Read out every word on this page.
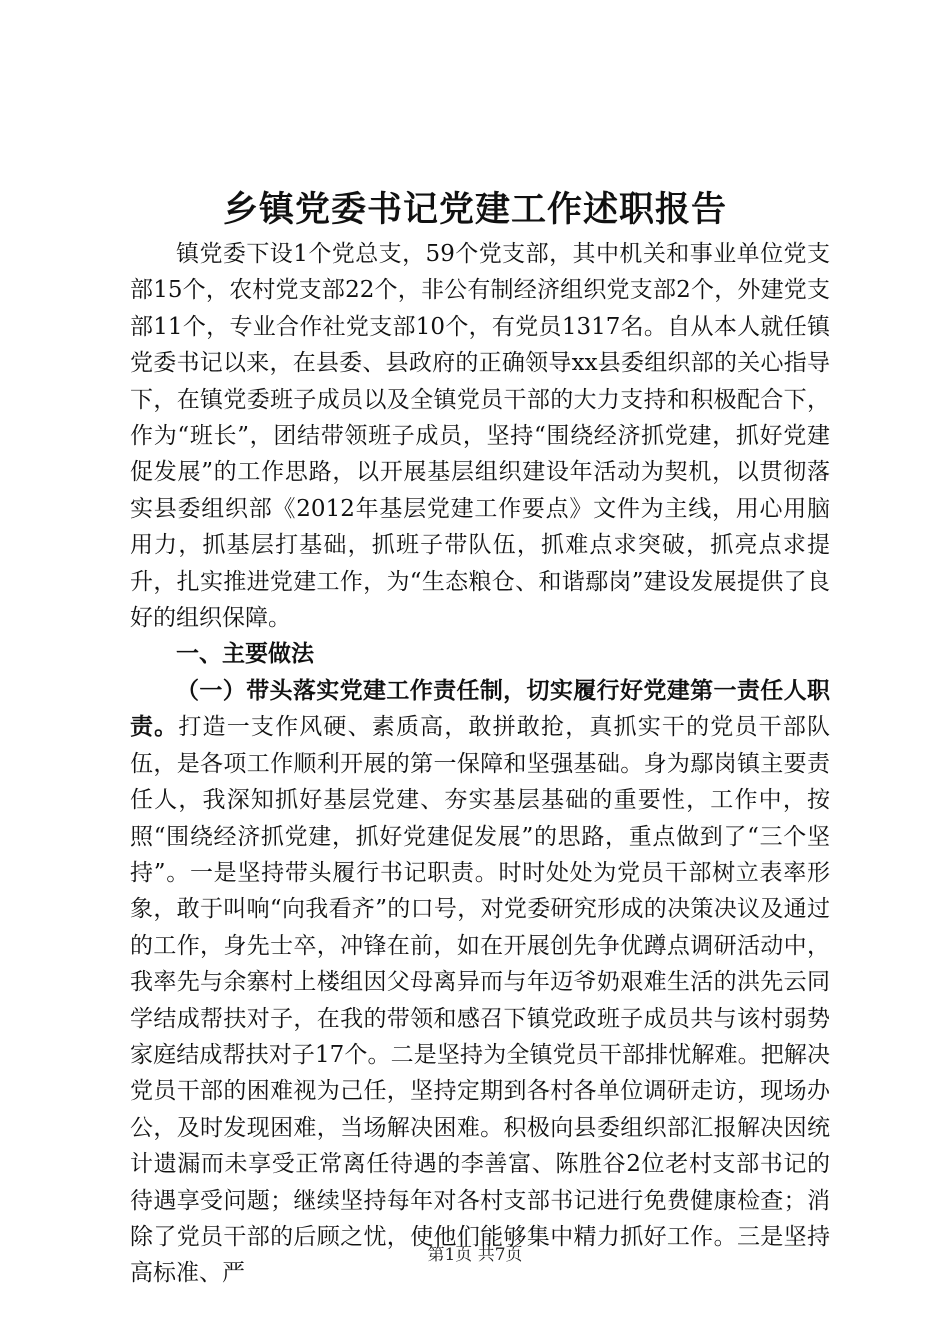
乡镇党委书记党建工作述职报告

镇党委下设1个党总支，59个党支部，其中机关和事业单位党支部15个，农村党支部22个，非公有制经济组织党支部2个，外建党支部11个，专业合作社党支部10个，有党员1317名。自从本人就任镇党委书记以来，在县委、县政府的正确领导xx县委组织部的关心指导下，在镇党委班子成员以及全镇党员干部的大力支持和积极配合下，作为“班长”，团结带领班子成员，坚持“围绕经济抓党建，抓好党建促发展”的工作思路，以开展基层组织建设年活动为契机，以贯彻落实县委组织部《2012年基层党建工作要点》文件为主线，用心用脑用力，抓基层打基础，抓班子带队伍，抓难点求突破，抓亮点求提升，扎实推进党建工作，为“生态粮仓、和谐鄢岗”建设发展提供了良好的组织保障。

一、主要做法

（一）带头落实党建工作责任制，切实履行好党建第一责任人职责。打造一支作风硬、素质高，敢拼敢抢，真抓实干的党员干部队伍，是各项工作顺利开展的第一保障和坚强基础。身为鄢岗镇主要责任人，我深知抓好基层党建、夯实基层基础的重要性，工作中，按照“围绕经济抓党建，抓好党建促发展”的思路，重点做到了“三个坚持”。一是坚持带头履行书记职责。时时处处为党员干部树立表率形象，敢于叫响“向我看齐”的口号，对党委研究形成的决策决议及通过的工作，身先士卒，冲锋在前，如在开展创先争优蹲点调研活动中，我率先与余寨村上楼组因父母离异而与年迈爷奶艰难生活的洪先云同学结成帮扶对子，在我的带领和感召下镇党政班子成员共与该村弱势家庭结成帮扶对子17个。二是坚持为全镇党员干部排忧解难。把解决党员干部的困难视为己任，坚持定期到各村各单位调研走访，现场办公，及时发现困难，当场解决困难。积极向县委组织部汇报解决因统计遗漏而未享受正常离任待遇的李善富、陈胜谷2位老村支部书记的待遇享受问题；继续坚持每年对各村支部书记进行免费健康检查；消除了党员干部的后顾之忧，使他们能够集中精力抓好工作。三是坚持高标准、严

第1页 共7页
